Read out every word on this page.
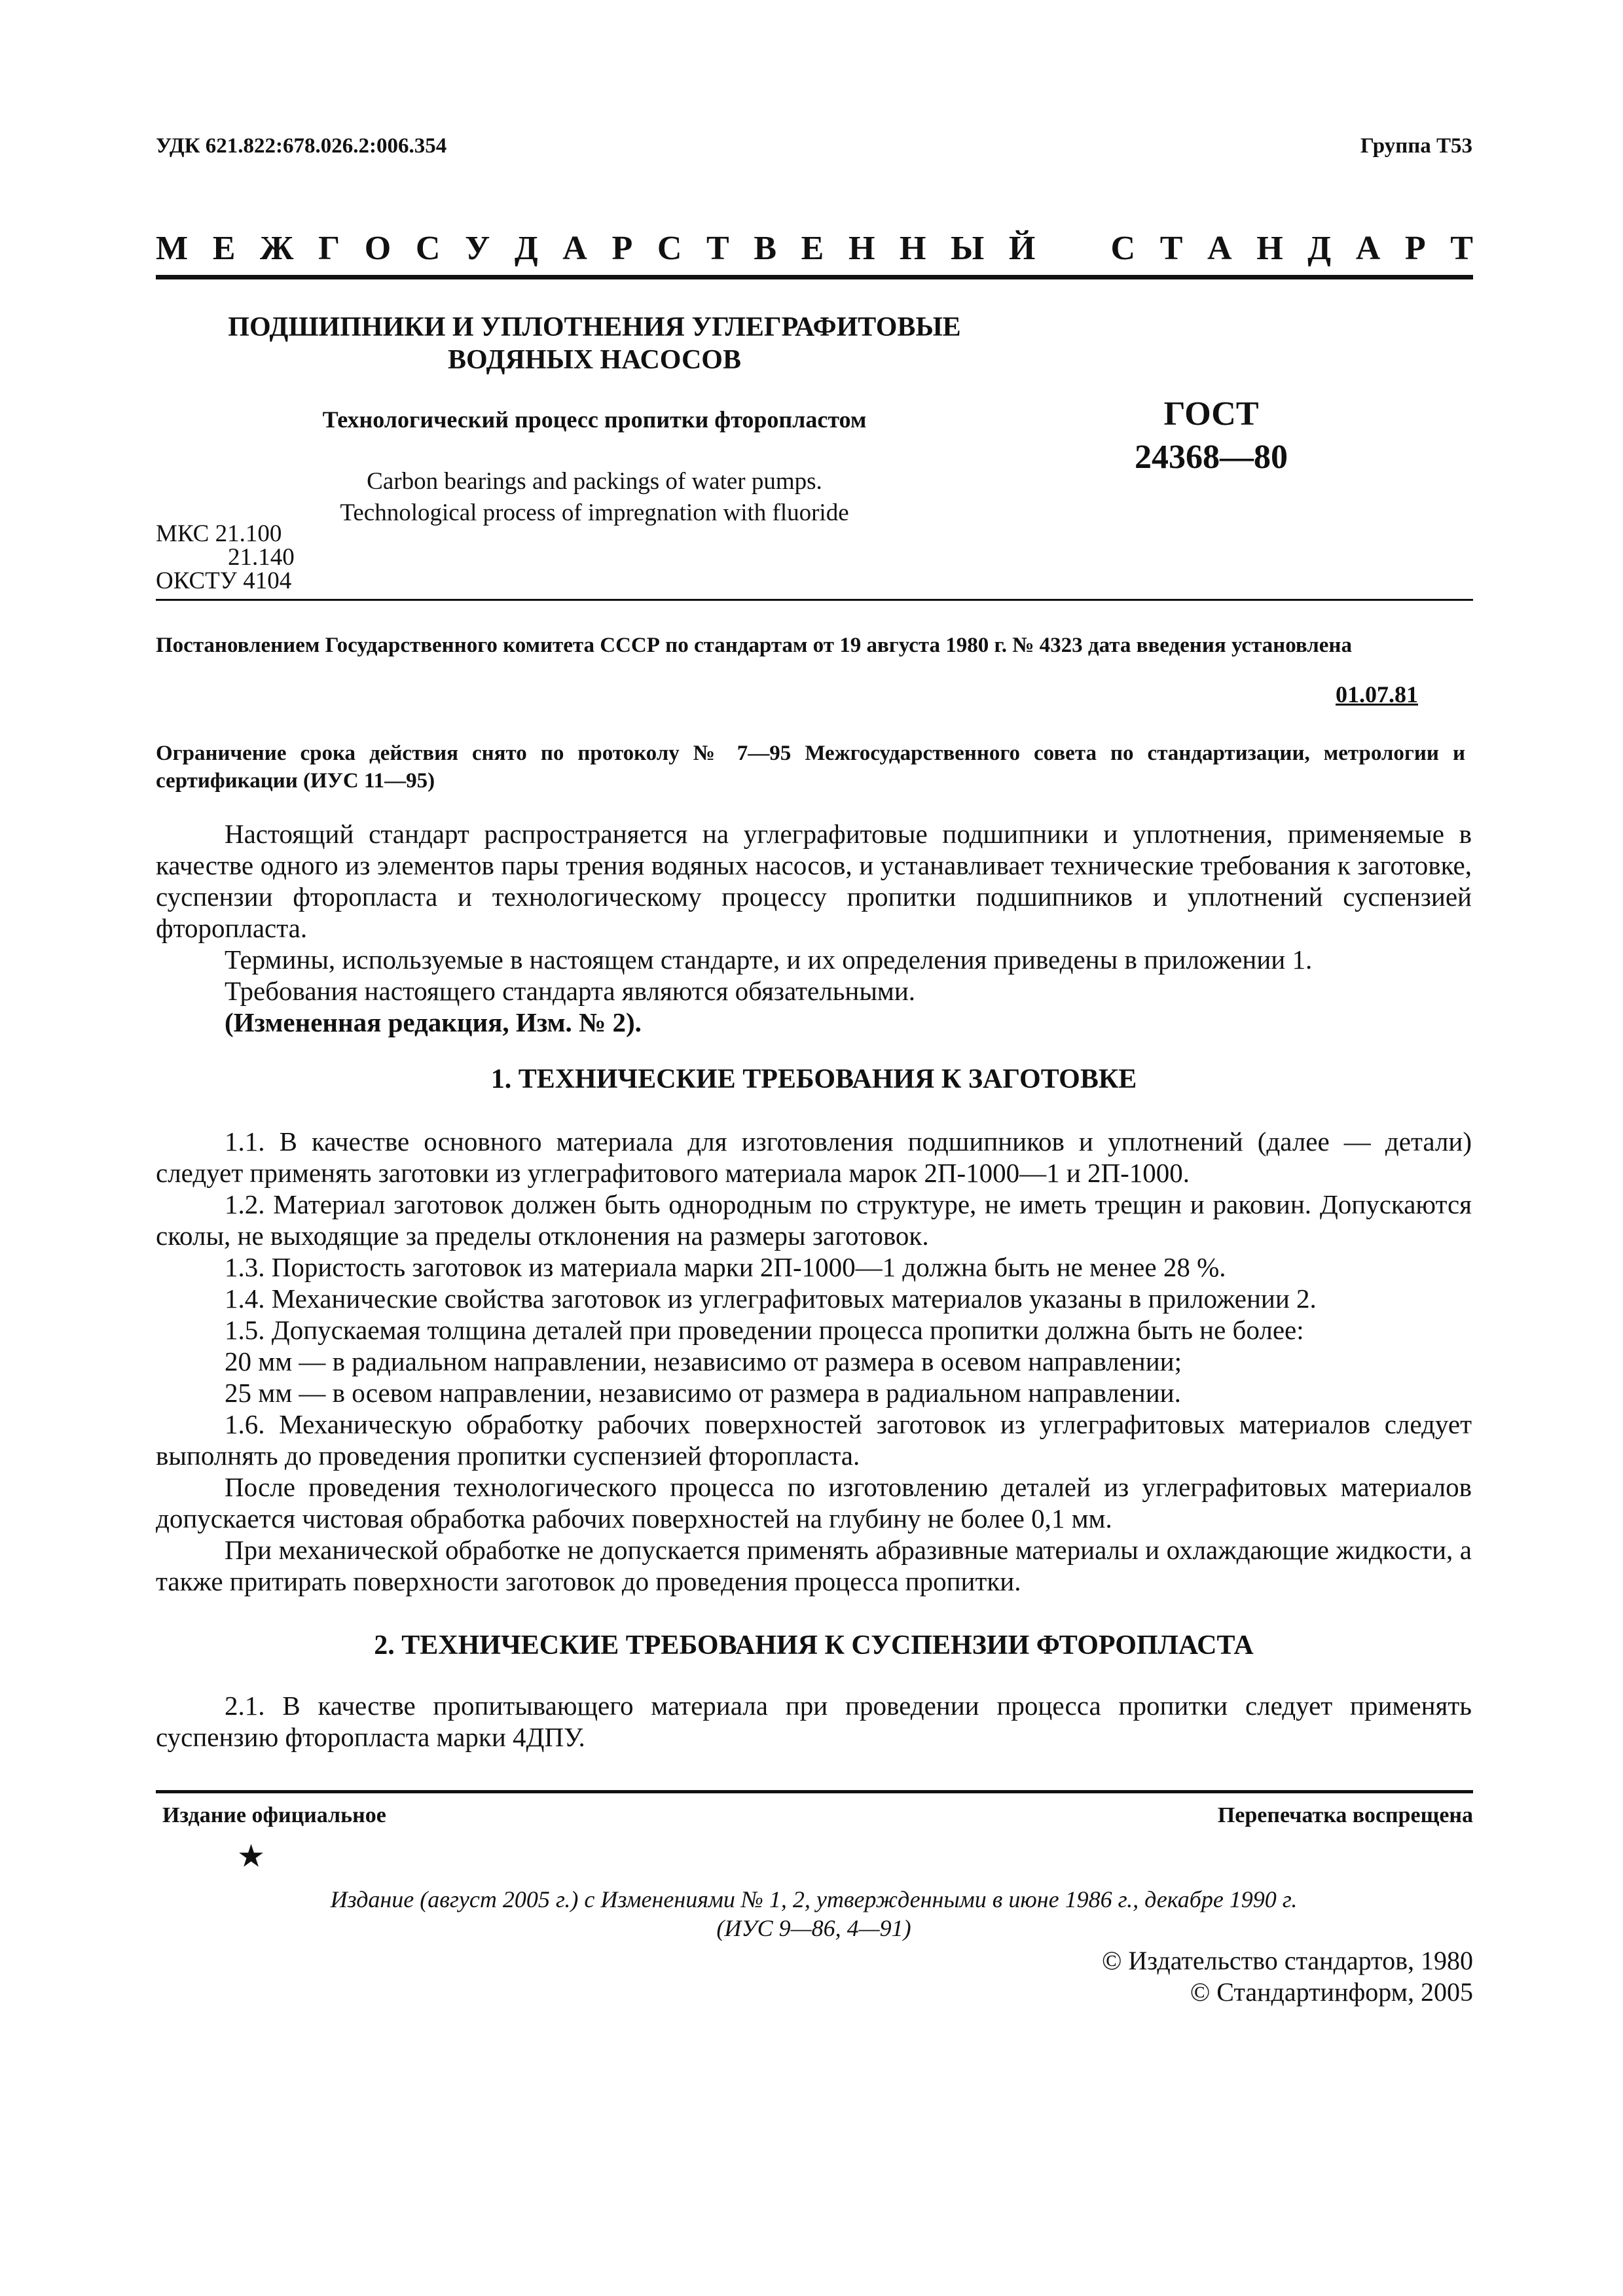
УДК 621.822:678.026.2:006.354	Группа Т53
М Е Ж Г О С У Д А Р С Т В Е Н Н Ы Й С Т А Н Д А Р Т
ПОДШИПНИКИ И УПЛОТНЕНИЯ УГЛЕГРАФИТОВЫЕ
ВОДЯНЫХ НАСОСОВ
Технологический процесс пропитки фторопластом	ГОСТ
24368—80
Carbon bearings and packings of water pumps.
Technological process of impregnation with fluoride
МКС 21.100
21.140
ОКСТУ 4104
Постановлением Государственного комитета СССР по стандартам от 19 августа 1980 г. № 4323 дата введения установлена
01.07.81
Ограничение срока действия снято по протоколу № 7—95 Межгосударственного совета по стандартизации, метрологии и сертификации (ИУС 11—95)

Настоящий стандарт распространяется на углеграфитовые подшипники и уплотнения, применяемые в качестве одного из элементов пары трения водяных насосов, и устанавливает технические требования к заготовке, суспензии фторопласта и технологическому процессу пропитки подшипников и уплотнений суспензией фторопласта.

Термины, используемые в настоящем стандарте, и их определения приведены в приложении 1.

Требования настоящего стандарта являются обязательными.

(Измененная редакция, Изм. № 2).

1. ТЕХНИЧЕСКИЕ ТРЕБОВАНИЯ К ЗАГОТОВКЕ

1.1. В качестве основного материала для изготовления подшипников и уплотнений (далее — детали) следует применять заготовки из углеграфитового материала марок 2П-1000—1 и 2П-1000.

1.2. Материал заготовок должен быть однородным по структуре, не иметь трещин и раковин. Допускаются сколы, не выходящие за пределы отклонения на размеры заготовок.

1.3. Пористость заготовок из материала марки 2П-1000—1 должна быть не менее 28 %.

1.4. Механические свойства заготовок из углеграфитовых материалов указаны в приложении 2.

1.5. Допускаемая толщина деталей при проведении процесса пропитки должна быть не более:

20 мм — в радиальном направлении, независимо от размера в осевом направлении;

25 мм — в осевом направлении, независимо от размера в радиальном направлении.

1.6. Механическую обработку рабочих поверхностей заготовок из углеграфитовых материалов следует выполнять до проведения пропитки суспензией фторопласта.

После проведения технологического процесса по изготовлению деталей из углеграфитовых материалов допускается чистовая обработка рабочих поверхностей на глубину не более 0,1 мм.

При механической обработке не допускается применять абразивные материалы и охлаждающие жидкости, а также притирать поверхности заготовок до проведения процесса пропитки.

2. ТЕХНИЧЕСКИЕ ТРЕБОВАНИЯ К СУСПЕНЗИИ ФТОРОПЛАСТА

2.1. В качестве пропитывающего материала при проведении процесса пропитки следует применять суспензию фторопласта марки 4ДПУ.

Издание официальное	Перепечатка воспрещена
★
Издание (август 2005 г.) с Изменениями № 1, 2, утвержденными в июне 1986 г., декабре 1990 г.
(ИУС 9—86, 4—91)
© Издательство стандартов, 1980
© Стандартинформ, 2005
